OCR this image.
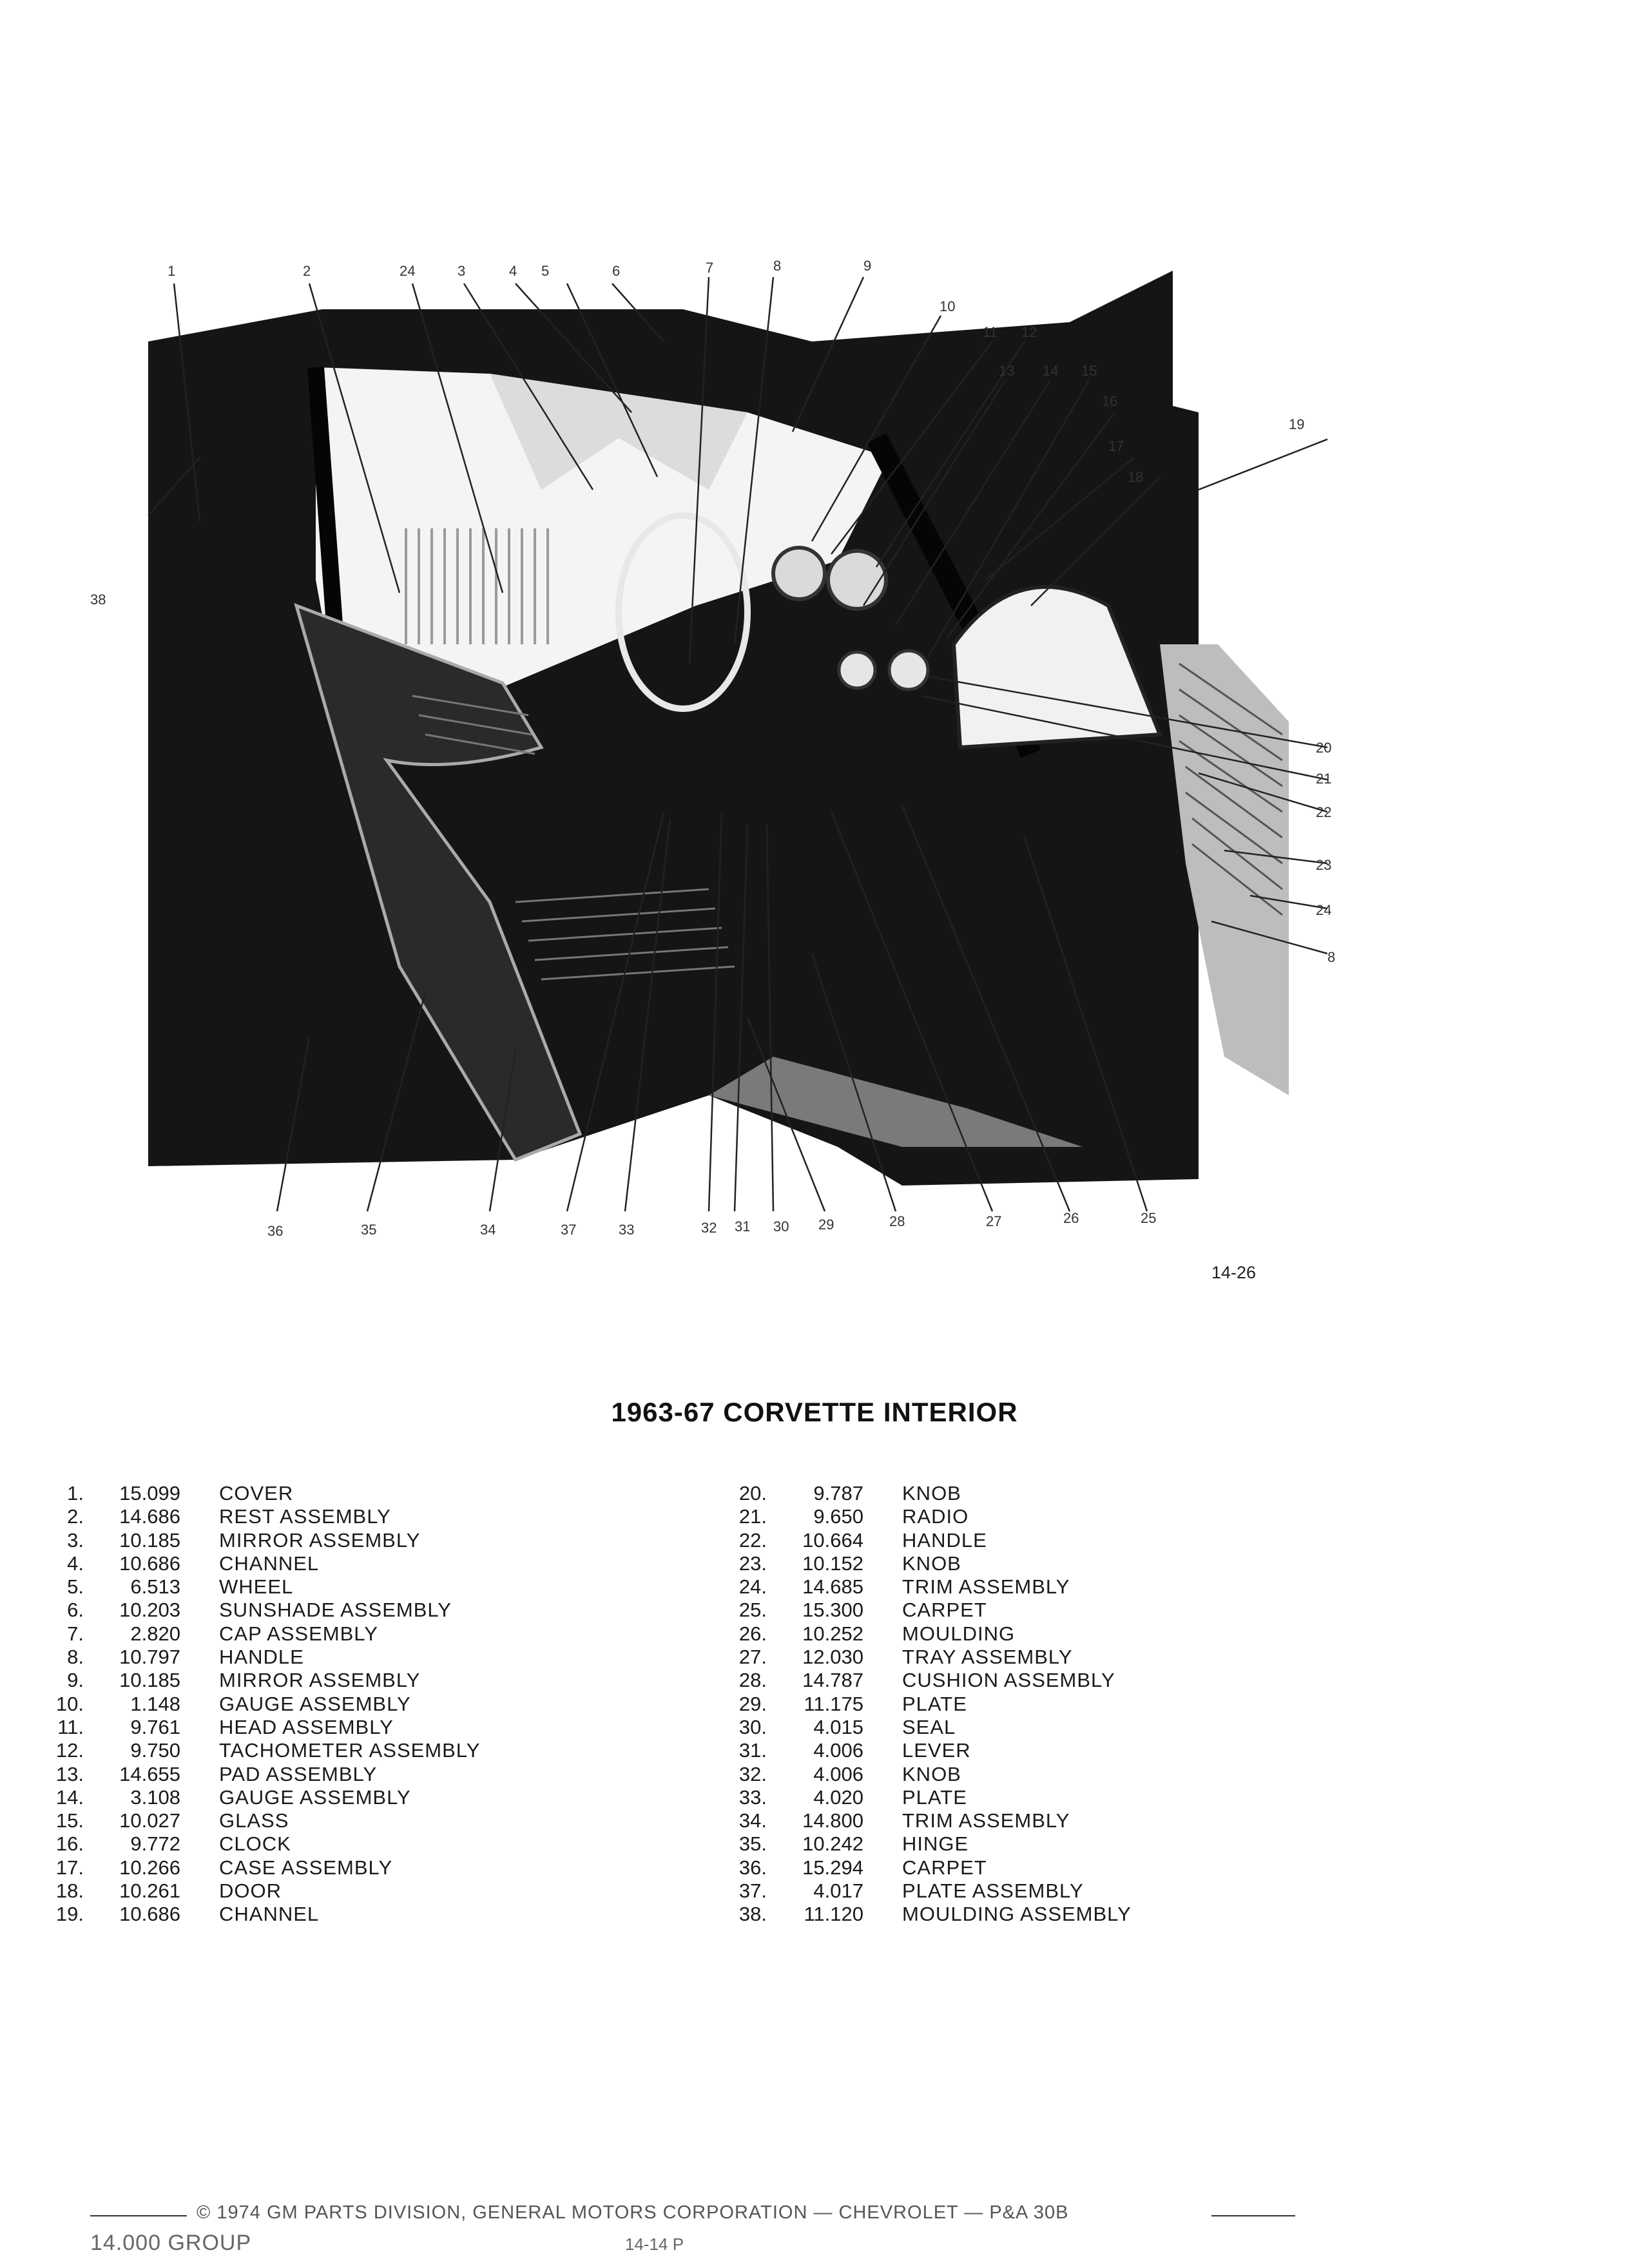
1	2	24	3	4 5	6	7	8	9
10
11 12
13 14 15
16
17
18
19
20
21
22
23
24
8
25
26
27
28
29
30
31
32
33
37
34
35
36
38
14-26
1963-67 CORVETTE INTERIOR
1.	15.099 COVER
2.	14.686 REST ASSEMBLY
3.	10.185 MIRROR ASSEMBLY
4.	10.686 CHANNEL
5.	6.513 WHEEL
6.	10.203 SUNSHADE ASSEMBLY
7.	2.820 CAP ASSEMBLY
8.	10.797 HANDLE
9.	10.185 MIRROR ASSEMBLY
10.	1.148 GAUGE ASSEMBLY
11.	9.761 HEAD ASSEMBLY
12.	9.750 TACHOMETER ASSEMBLY
13.	14.655 PAD ASSEMBLY
14.	3.108 GAUGE ASSEMBLY
15.	10.027 GLASS
16.	9.772 CLOCK
17.	10.266 CASE ASSEMBLY
18.	10.261 DOOR
19.	10.686 CHANNEL
20.	9.787 KNOB
21.	9.650 RADIO
22.	10.664 HANDLE
23.	10.152 KNOB
24.	14.685 TRIM ASSEMBLY
25.	15.300 CARPET
26.	10.252 MOULDING
27.	12.030 TRAY ASSEMBLY
28.	14.787 CUSHION ASSEMBLY
29.	11.175 PLATE
30.	4.015 SEAL
31.	4.006 LEVER
32.	4.006 KNOB
33.	4.020 PLATE
34.	14.800 TRIM ASSEMBLY
35.	10.242 HINGE
36.	15.294 CARPET
37.	4.017 PLATE ASSEMBLY
38.	11.120 MOULDING ASSEMBLY
© 1974 GM PARTS DIVISION, GENERAL MOTORS CORPORATION — CHEVROLET — P&A 30B
14.000 GROUP	14-14 P
